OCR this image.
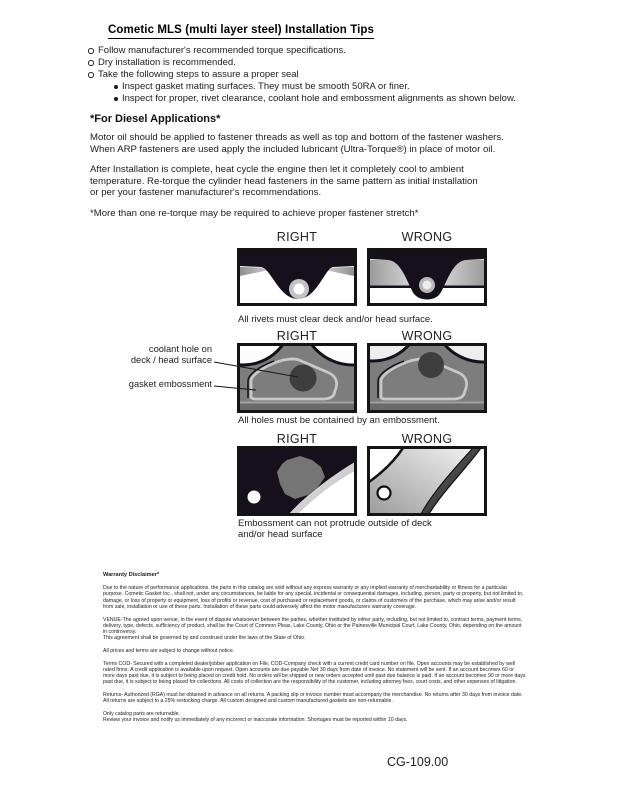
Cometic MLS (multi layer steel) Installation Tips
Follow manufacturer's recommended torque specifications.
Dry installation is recommended.
Take the following steps to assure a proper seal
Inspect gasket mating surfaces. They must be smooth 50RA or finer.
Inspect for proper, rivet clearance, coolant hole and embossment alignments as shown below.
*For Diesel Applications*

Motor oil should be applied to fastener threads as well as top and bottom of the fastener washers.

When ARP fasteners are used apply the included lubricant (Ultra-Torque®) in place of motor oil.

After Installation is complete, heat cycle the engine then let it completely cool to ambient

temperature. Re-torque the cylinder head fasteners in the same pattern as initial installation

or per your fastener manufacturer's recommendations.

*More than one re-torque may be required to achieve proper fastener stretch*

RIGHT	WRONG
All rivets must clear deck and/or head surface.
RIGHT	WRONG
coolant hole on
deck / head surface
gasket embossment
All holes must be contained by an embossment.
RIGHT	WRONG
Embossment can not protrude outside of deck
and/or head surface

Warranty Disclaimer*

Due to the nature of performance applications, the parts in this catalog are sold without any express warranty or any implied warranty of merchantability or fitness for a particular purpose. Cometic Gasket Inc., shall not, under any circumstances, be liable for any special, incidental or consequential damages, including, person, party or property, but not limited to, damage, or loss of property or equipment, loss of profits or revenue, cost of purchased or replacement goods, or claims of customers of the purchase, which may arise and/or result from sale, installation or use of these parts. Installation of these parts could adversely affect the motor manufacturers warranty coverage.

VENUE-The agreed upon venue, in the event of dispute whatsoever between the parties, whether instituted by either party, including, but not limited to, contract terms, payment terms, delivery, type, defects, sufficiency of product, shall be the Court of Common Pleas, Lake County, Ohio or the Painesville Municipal Court, Lake County, Ohio, depending on the amount in controversy.

This agreement shall be governed by and construed under the laws of the State of Ohio.

All prices and terms are subject to change without notice.

Terms COD- Secured with a completed dealer/jobber application on File, COD-Company check with a current credit card number on file. Open accounts may be established by well rated firms. A credit application is available upon request. Open accounts are due payable Net 30 days from date of invoice. No statement will be sent. If an account becomes 60 or more days past due, it is subject to being placed on credit hold. No orders will be shipped or new orders accepted until past due balance is paid. If an account becomes 90 or more days past due, it is subject to being placed for collections. All costs of collection are the responsibility of the customer, including attorney fees, court costs, and other expenses of litigation.

Returns- Authorized (RGA) must be obtained in advance on all returns. A packing slip or invoice number must accompany the merchandise. No returns after 30 days from invoice date. All returns are subject to a 25% restocking charge. All custom designed and custom manufactured gaskets are non-returnable.

Only catalog parts are returnable.

Review your invoice and notify us immediately of any incorrect or inaccurate information. Shortages must be reported within 10 days.

CG-109.00
